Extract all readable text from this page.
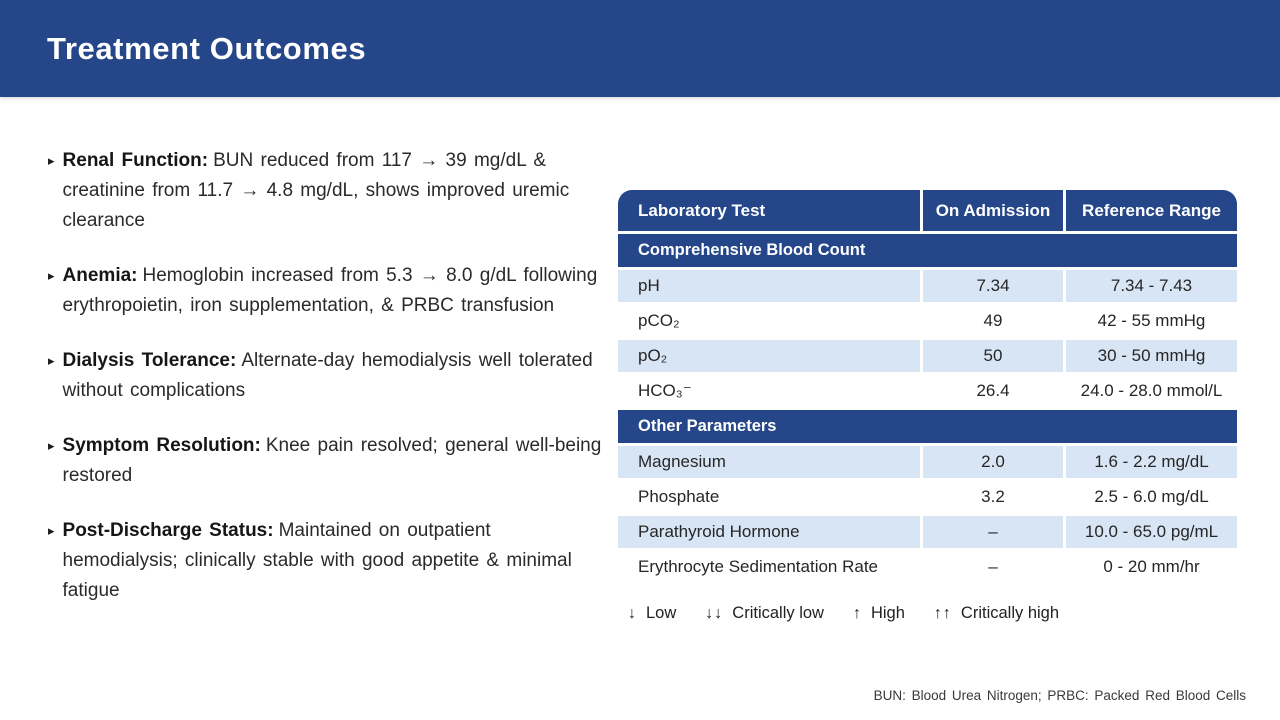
Treatment Outcomes
▸ Renal Function: BUN reduced from 117 → 39 mg/dL & creatinine from 11.7 → 4.8 mg/dL, shows improved uremic clearance

▸ Anemia: Hemoglobin increased from 5.3 → 8.0 g/dL following erythropoietin, iron supplementation, & PRBC transfusion

▸ Dialysis Tolerance: Alternate-day hemodialysis well tolerated without complications

▸ Symptom Resolution: Knee pain resolved; general well-being restored

▸ Post-Discharge Status: Maintained on outpatient hemodialysis; clinically stable with good appetite & minimal fatigue

Laboratory Test	On Admission	Reference Range
Comprehensive Blood Count
pH	7.34	7.34 - 7.43
pCO₂	49	42 - 55 mmHg
pO₂	50	30 - 50 mmHg
HCO₃⁻	26.4	24.0 - 28.0 mmol/L
Other Parameters
Magnesium	2.0	1.6 - 2.2 mg/dL
Phosphate	3.2	2.5 - 6.0 mg/dL
Parathyroid Hormone	–	10.0 - 65.0 pg/mL
Erythrocyte Sedimentation Rate	–	0 - 20 mm/hr
↓ Low ↓↓ Critically low ↑ High ↑↑ Critically high
BUN: Blood Urea Nitrogen; PRBC: Packed Red Blood Cells
